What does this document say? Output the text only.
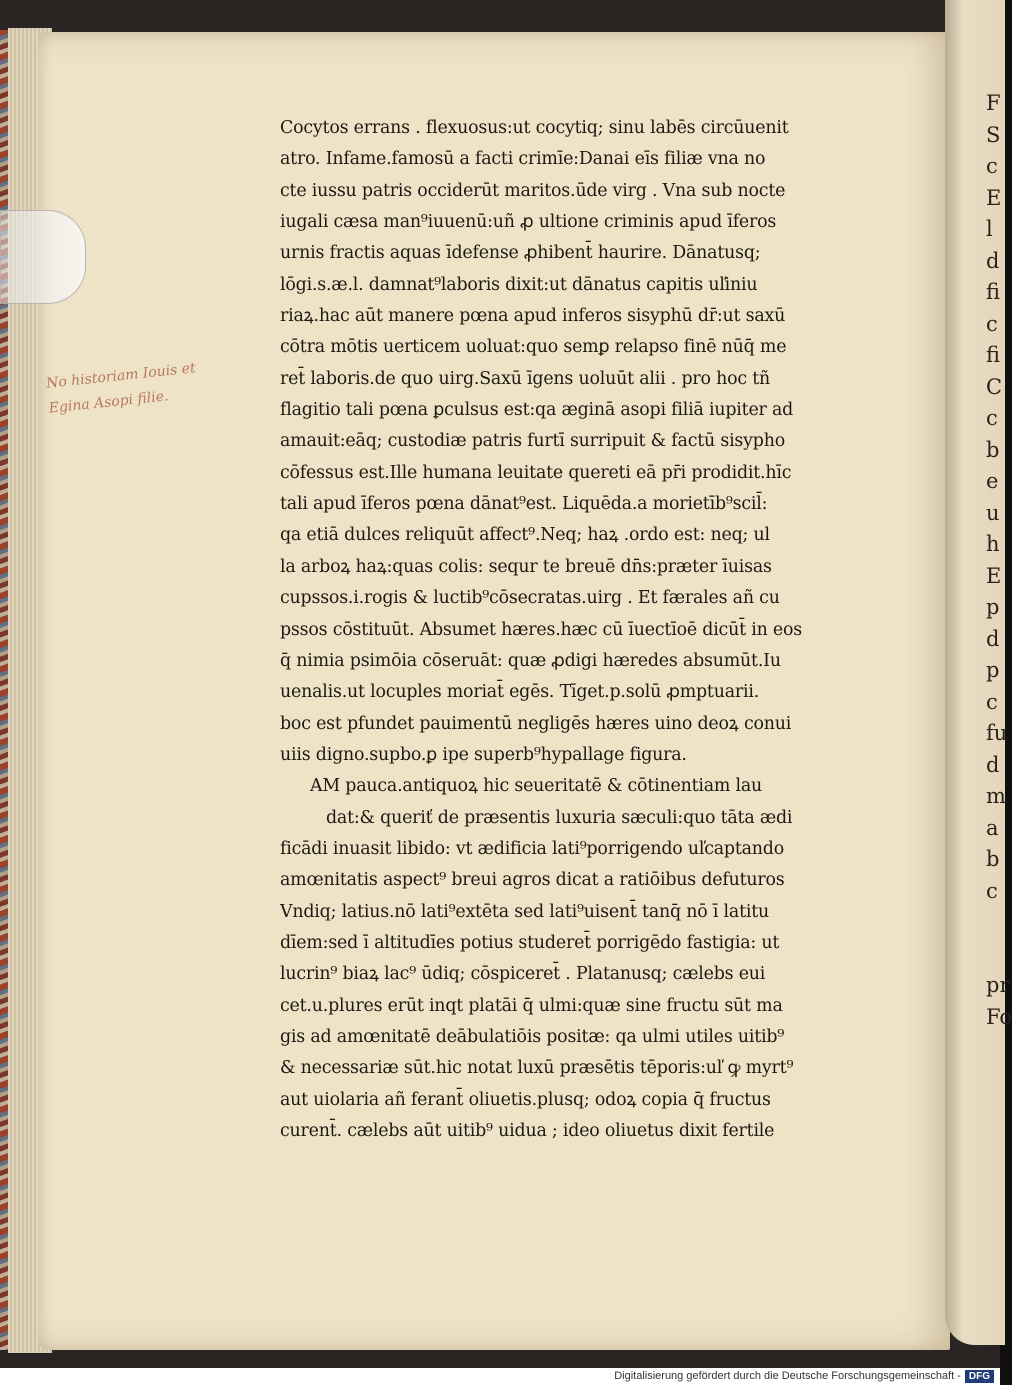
F
S
c
E
l
d
fi
c
fi
C
c
b
e
u
h
E
p
d
p
c
fu
d
m
a
b
c

pr
Fo
No historiam Iouis et
Egina Asopi filie.
Cocytos errans . flexuosus:ut cocytiq; sinu labēs circūuenit
atro. Infame.famosū a facti crimīe:Danai eīs filiæ vna no
cte iussu patris occiderūt maritos.ūde virg . Vna sub nocte
iugali cæsa man⁹iuuenū:uñ ꝓ ultione criminis apud īferos
urnis fractis aquas īdefense ꝓhibent̄ haurire. Dānatusq;
lōgi.s.æ.l. damnat⁹laboris dixit:ut dānatus capitis uľiniu
riaꝝ.hac aūt manere pœna apud inferos sisyphū dr̄:ut saxū
cōtra mōtis uerticem uoluat:quo semꝑ relapso finē nūq̄ me
ret̄ laboris.de quo uirg.Saxū īgens uoluūt alii . pro hoc tñ
flagitio tali pœna ꝑculsus est:qa æginā asopi filiā iupiter ad
amauit:eāq; custodiæ patris furtī surripuit & factū sisypho
cōfessus est.Ille humana leuitate quereti eā pr̄i prodidit.hīc
tali apud īferos pœna dānat⁹est. Liquēda.a morietīb⁹scil̄:
qa etiā dulces reliquūt affect⁹.Neq; haꝝ .ordo est: neq; ul
la arboꝝ haꝝ:quas colis: sequr te breuē dn̄s:præter īuisas
cupssos.i.rogis & luctib⁹cōsecratas.uirg . Et færales añ cu
pssos cōstituūt. Absumet hæres.hæc cū īuectīoē dicūt̄ in eos
q̄ nimia psimōia cōseruāt: quæ ꝓdigi hæredes absumūt.Iu
uenalis.ut locuples moriat̄ egēs. Tīget.p.solū ꝓmptuarii.
boc est pfundet pauimentū negligēs hæres uino deoꝝ conui
uiis digno.supbo.ꝑ ipe superb⁹hypallage figura.
AM pauca.antiquoꝝ hic seueritatē & cōtinentiam lau
dat:& queriť de præsentis luxuria sæculi:quo tāta ædi
ficādi inuasit libido: vt ædificia lati⁹porrigendo uľcaptando
amœnitatis aspect⁹ breui agros dicat a ratiōibus defuturos
Vndiq; latius.nō lati⁹extēta sed lati⁹uisent̄ tanq̄ nō ī latitu
dīem:sed ī altitudīes potius studeret̄ porrigēdo fastigia: ut
lucrin⁹ biaꝝ lac⁹ ūdiq; cōspiceret̄ . Platanusq; cælebs eui
cet.u.plures erūt inqt platāi q̄ ulmi:quæ sine fructu sūt ma
gis ad amœnitatē deābulatiōis positæ: qa ulmi utiles uitib⁹
& necessariæ sūt.hic notat luxū præsētis tēporis:uľ ꝙ myrt⁹
aut uiolaria añ ferant̄ oliuetis.plusq; odoꝝ copia q̄ fructus
curent̄. cælebs aūt uitib⁹ uidua ; ideo oliuetus dixit fertile
Digitalisierung gefördert durch die Deutsche Forschungsgemeinschaft - DFG
